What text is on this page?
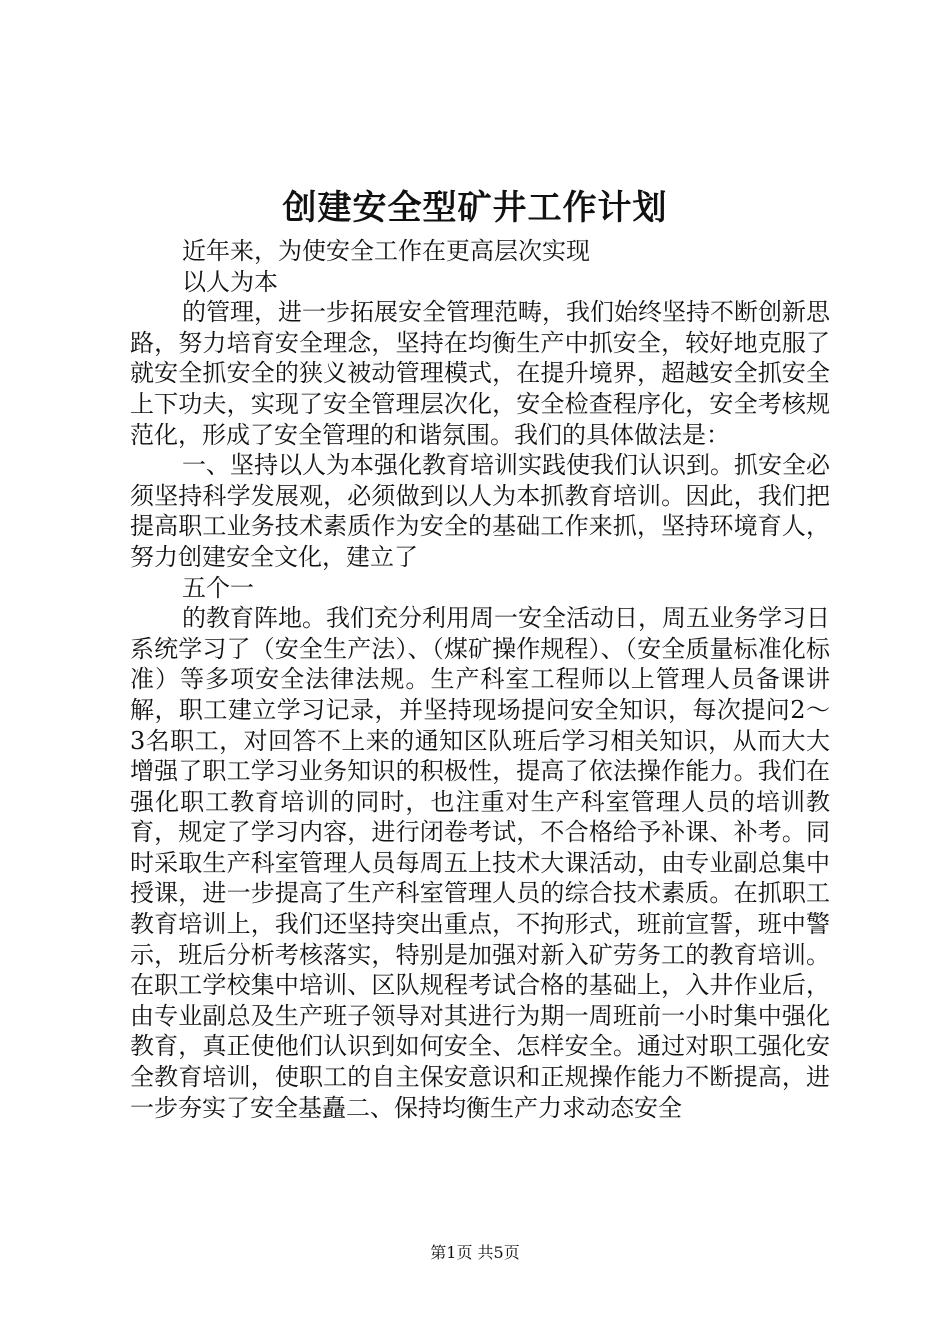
创建安全型矿井工作计划

近年来，为使安全工作在更高层次实现

以人为本

的管理，进一步拓展安全管理范畴，我们始终坚持不断创新思路，努力培育安全理念，坚持在均衡生产中抓安全，较好地克服了就安全抓安全的狭义被动管理模式，在提升境界，超越安全抓安全上下功夫，实现了安全管理层次化，安全检查程序化，安全考核规范化，形成了安全管理的和谐氛围。我们的具体做法是：

一、坚持以人为本强化教育培训实践使我们认识到。抓安全必须坚持科学发展观，必须做到以人为本抓教育培训。因此，我们把提高职工业务技术素质作为安全的基础工作来抓，坚持环境育人，努力创建安全文化，建立了

五个一

的教育阵地。我们充分利用周一安全活动日，周五业务学习日系统学习了（安全生产法）、（煤矿操作规程）、（安全质量标准化标准）等多项安全法律法规。生产科室工程师以上管理人员备课讲解，职工建立学习记录，并坚持现场提问安全知识，每次提问2～3名职工，对回答不上来的通知区队班后学习相关知识，从而大大增强了职工学习业务知识的积极性，提高了依法操作能力。我们在强化职工教育培训的同时，也注重对生产科室管理人员的培训教育，规定了学习内容，进行闭卷考试，不合格给予补课、补考。同时采取生产科室管理人员每周五上技术大课活动，由专业副总集中授课，进一步提高了生产科室管理人员的综合技术素质。在抓职工教育培训上，我们还坚持突出重点，不拘形式，班前宣誓，班中警示，班后分析考核落实，特别是加强对新入矿劳务工的教育培训。在职工学校集中培训、区队规程考试合格的基础上，入井作业后，由专业副总及生产班子领导对其进行为期一周班前一小时集中强化教育，真正使他们认识到如何安全、怎样安全。通过对职工强化安全教育培训，使职工的自主保安意识和正规操作能力不断提高，进一步夯实了安全基矗二、保持均衡生产力求动态安全

第1页 共5页
